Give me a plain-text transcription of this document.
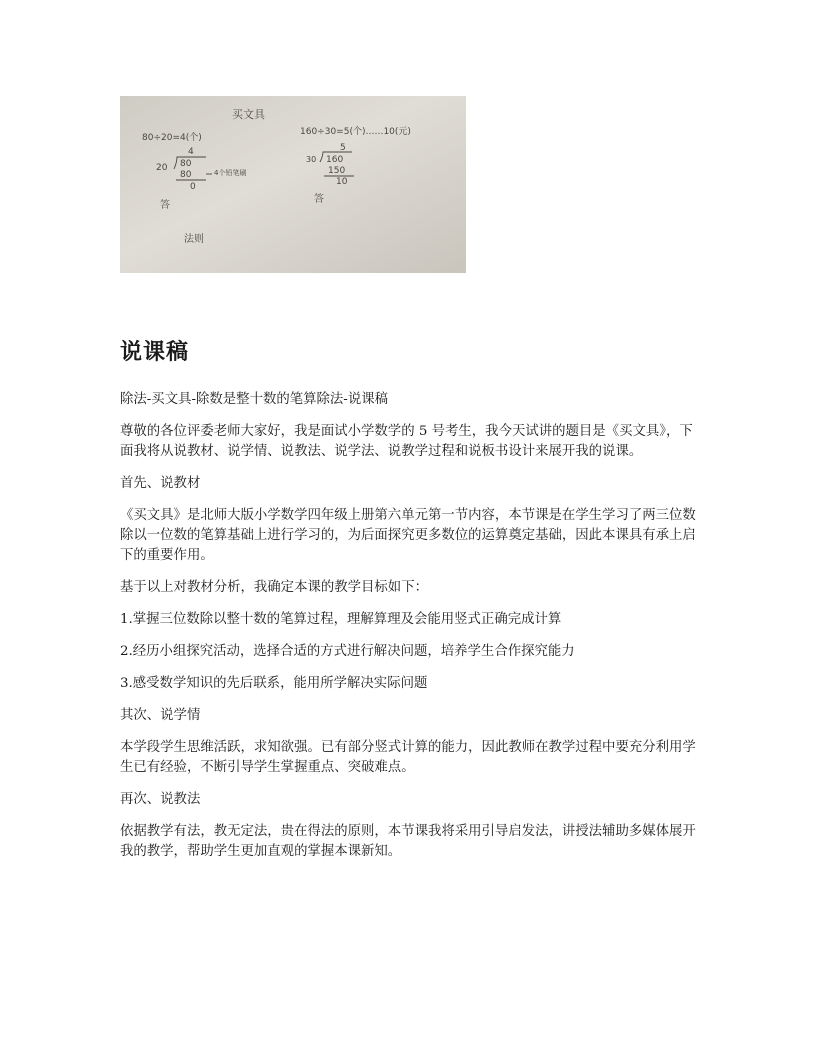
买文具
80÷20=4(个)
4
20 80
80	4个铅笔刷
0
160÷30=5(个)……10(元)
5
30 160
150
10
答
答
法则
说课稿

除法-买文具-除数是整十数的笔算除法-说课稿

尊敬的各位评委老师大家好，我是面试小学数学的 5 号考生，我今天试讲的题目是《买文具》，下面我将从说教材、说学情、说教法、说学法、说教学过程和说板书设计来展开我的说课。

首先、说教材

《买文具》是北师大版小学数学四年级上册第六单元第一节内容，本节课是在学生学习了两三位数除以一位数的笔算基础上进行学习的，为后面探究更多数位的运算奠定基础，因此本课具有承上启下的重要作用。

基于以上对教材分析，我确定本课的教学目标如下：

1.掌握三位数除以整十数的笔算过程，理解算理及会能用竖式正确完成计算

2.经历小组探究活动，选择合适的方式进行解决问题，培养学生合作探究能力

3.感受数学知识的先后联系，能用所学解决实际问题

其次、说学情

本学段学生思维活跃，求知欲强。已有部分竖式计算的能力，因此教师在教学过程中要充分利用学生已有经验，不断引导学生掌握重点、突破难点。

再次、说教法

依据教学有法，教无定法，贵在得法的原则，本节课我将采用引导启发法，讲授法辅助多媒体展开我的教学，帮助学生更加直观的掌握本课新知。
